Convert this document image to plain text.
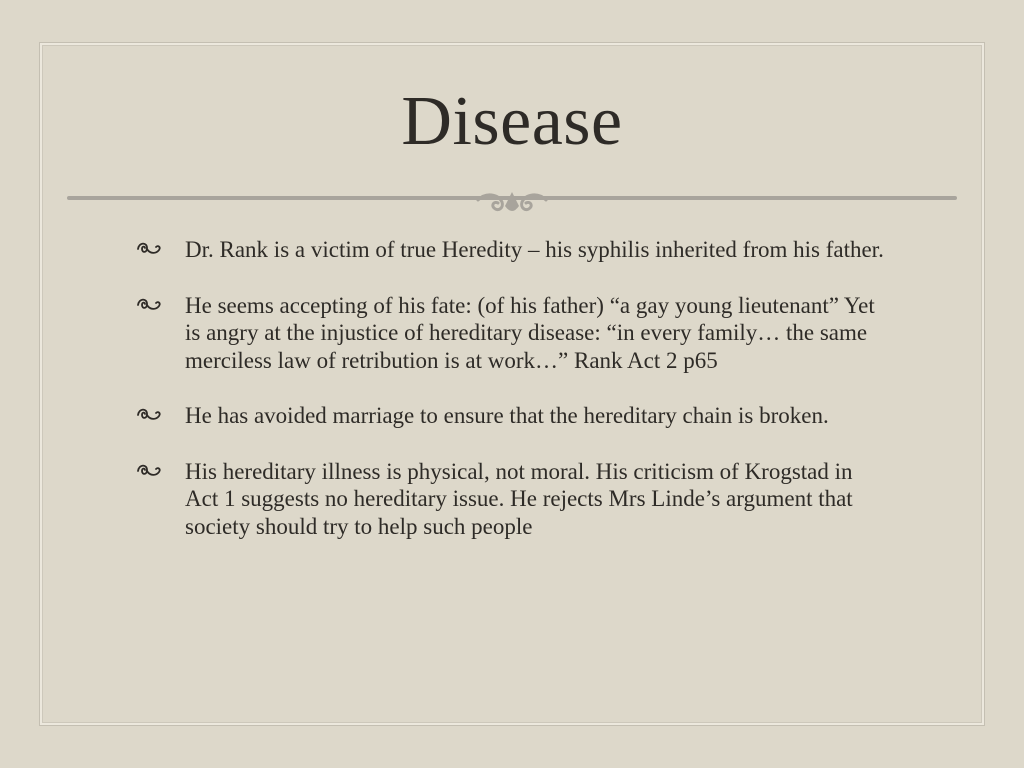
Disease
Dr. Rank is a victim of true Heredity – his syphilis inherited from his father.
He seems accepting of his fate: (of his father) “a gay young lieutenant” Yet is angry at the injustice of hereditary disease: “in every family… the same merciless law of retribution is at work…” Rank Act 2 p65
He has avoided marriage to ensure that the hereditary chain is broken.
His hereditary illness is physical, not moral. His criticism of Krogstad in Act 1 suggests no hereditary issue. He rejects Mrs Linde’s argument that society should try to help such people
